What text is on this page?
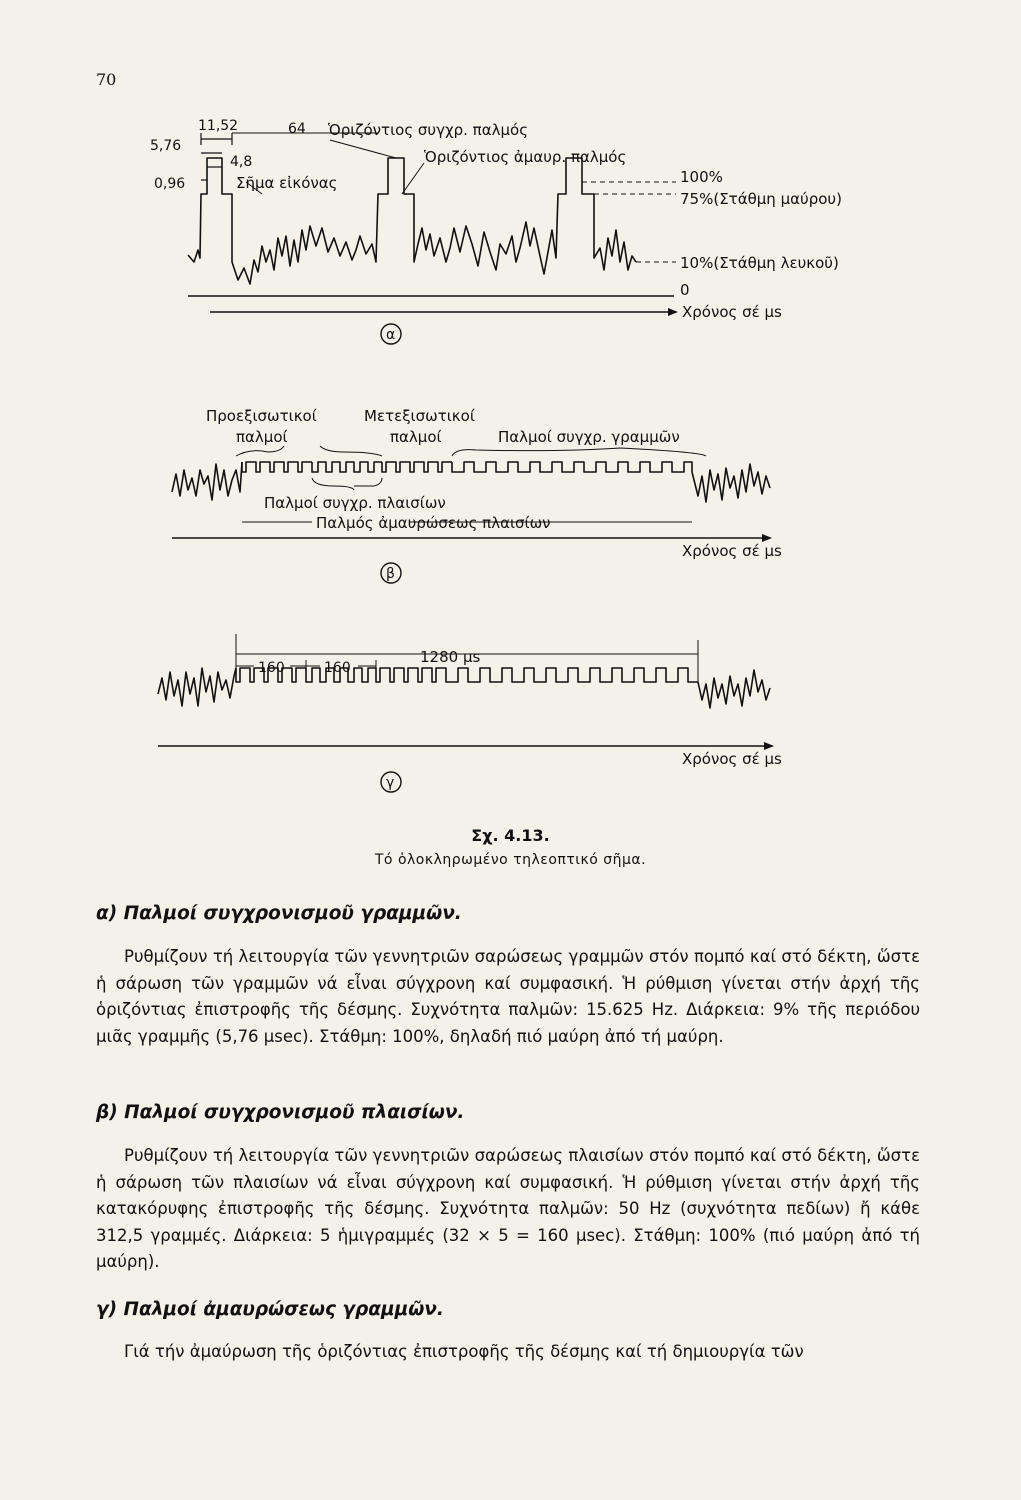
70
11,52	64
5,76
4,8
0,96
Ὁριζόντιος συγχρ. παλμός
Ὁριζόντιος ἀμαυρ. παλμός
Σῆμα εἰκόνας	100%
75%(Στάθμη μαύρου)
10%(Στάθμη λευκοῦ)
0
Χρόνος σέ μs
α
Προεξισωτικοί
παλμοί
Μετεξισωτικοί
παλμοί	Παλμοί συγχρ. γραμμῶν
Παλμοί συγχρ. πλαισίων
Παλμός ἀμαυρώσεως πλαισίων
Χρόνος σέ μs
β
1280 μs
160	160
Χρόνος σέ μs
γ
Σχ. 4.13.
Τό ὁλοκληρωμένο τηλεοπτικό σῆμα.
α) Παλμοί συγχρονισμοῦ γραμμῶν.
Ρυθμίζουν τή λειτουργία τῶν γεννητριῶν σαρώσεως γραμμῶν στόν πομπό καί στό δέκτη, ὥστε ἡ σάρωση τῶν γραμμῶν νά εἶναι σύγχρονη καί συμφασική. Ἡ ρύθμιση γίνεται στήν ἀρχή τῆς ὁριζόντιας ἐπιστροφῆς τῆς δέσμης. Συχνότητα παλμῶν: 15.625 Hz. Διάρκεια: 9% τῆς περιόδου μιᾶς γραμμῆς (5,76 μsec). Στάθμη: 100%, δηλαδή πιό μαύρη ἀπό τή μαύρη.
β) Παλμοί συγχρονισμοῦ πλαισίων.
Ρυθμίζουν τή λειτουργία τῶν γεννητριῶν σαρώσεως πλαισίων στόν πομπό καί στό δέκτη, ὥστε ἡ σάρωση τῶν πλαισίων νά εἶναι σύγχρονη καί συμφασική. Ἡ ρύθμιση γίνεται στήν ἀρχή τῆς κατακόρυφης ἐπιστροφῆς τῆς δέσμης. Συχνότητα παλμῶν: 50 Hz (συχνότητα πεδίων) ἤ κάθε 312,5 γραμμές. Διάρκεια: 5 ἡμιγραμμές (32 × 5 = 160 μsec). Στάθμη: 100% (πιό μαύρη ἀπό τή μαύρη).
γ) Παλμοί ἀμαυρώσεως γραμμῶν.
Γιά τήν ἀμαύρωση τῆς ὁριζόντιας ἐπιστροφῆς τῆς δέσμης καί τή δημιουργία τῶν
